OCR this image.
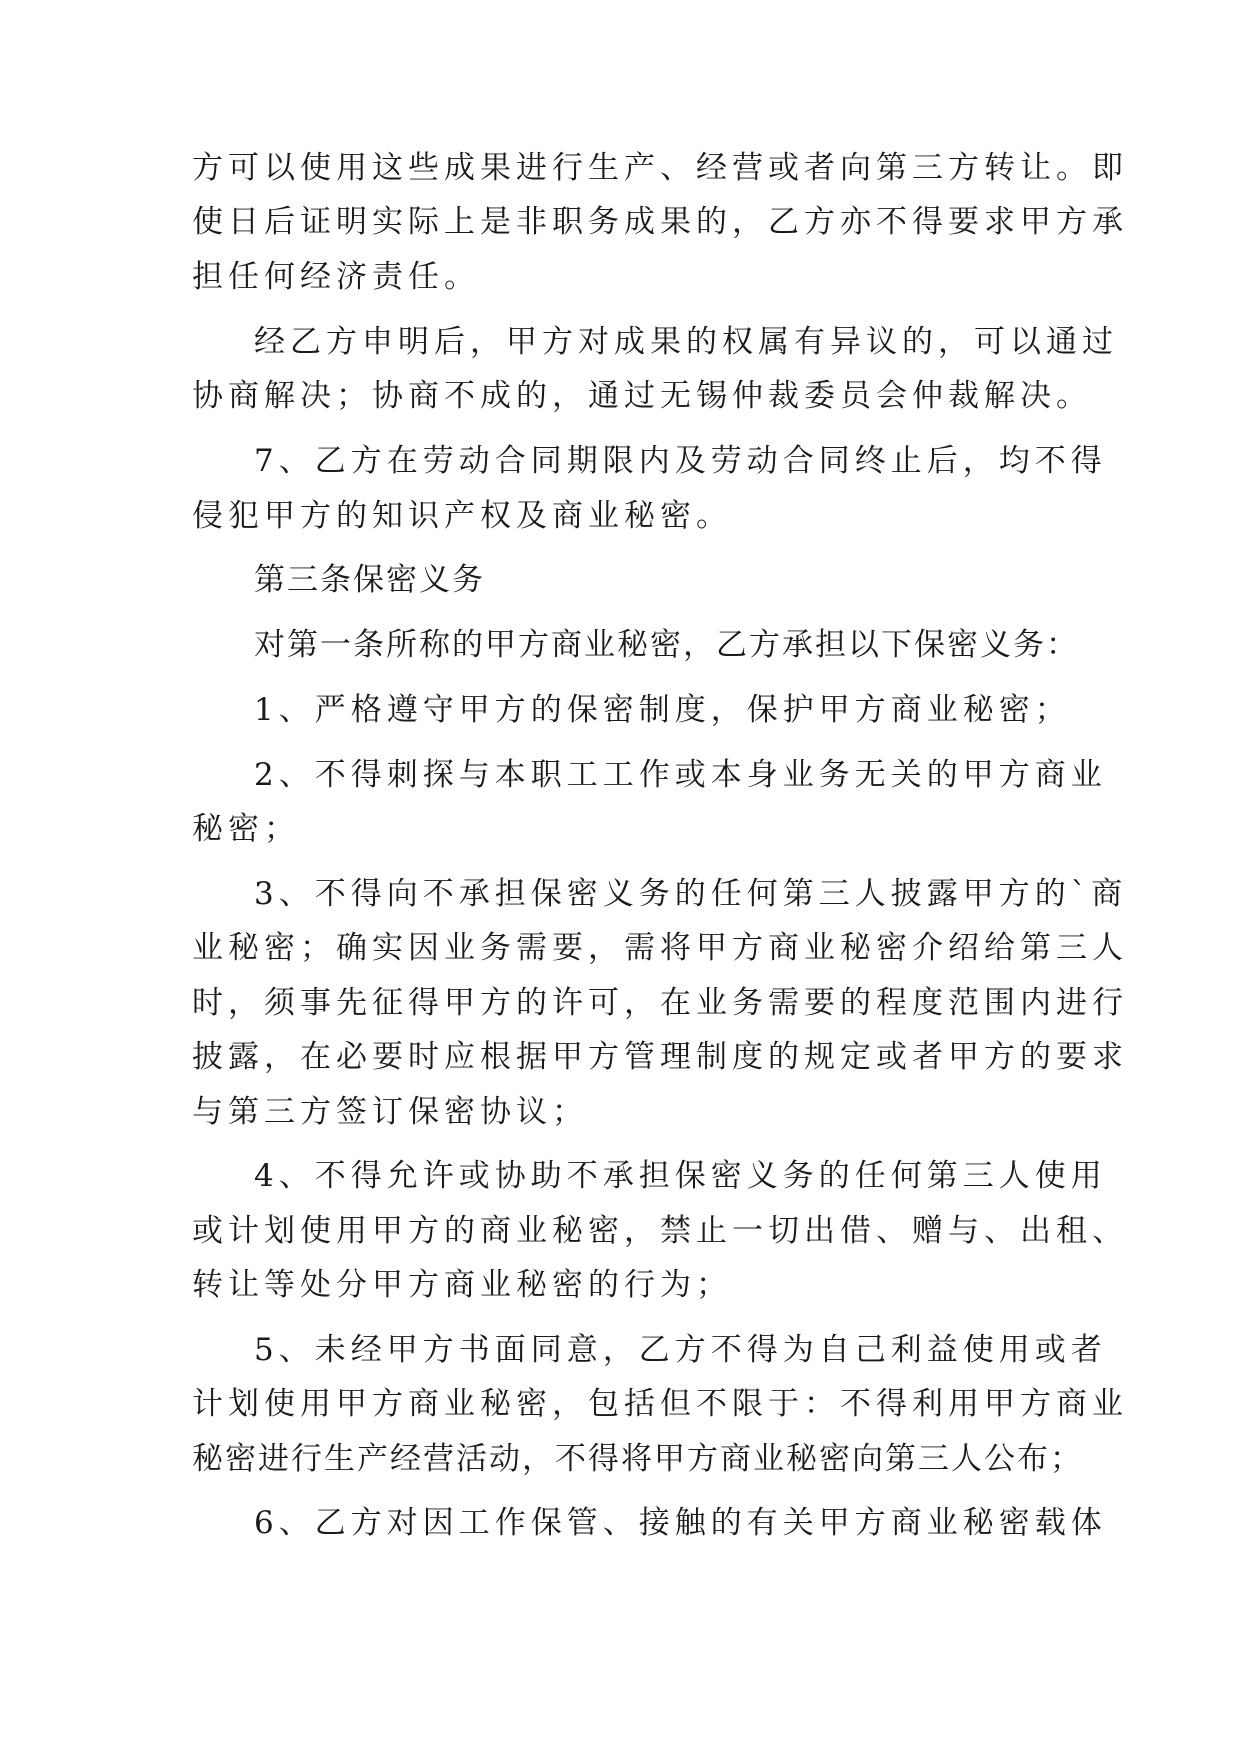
方可以使用这些成果进行生产、经营或者向第三方转让。即

使日后证明实际上是非职务成果的，乙方亦不得要求甲方承

担任何经济责任。

经乙方申明后，甲方对成果的权属有异议的，可以通过

协商解决；协商不成的，通过无锡仲裁委员会仲裁解决。

7、乙方在劳动合同期限内及劳动合同终止后，均不得

侵犯甲方的知识产权及商业秘密。

第三条保密义务

对第一条所称的甲方商业秘密，乙方承担以下保密义务：

1、严格遵守甲方的保密制度，保护甲方商业秘密；

2、不得刺探与本职工工作或本身业务无关的甲方商业

秘密；

3、不得向不承担保密义务的任何第三人披露甲方的`商

业秘密；确实因业务需要，需将甲方商业秘密介绍给第三人

时，须事先征得甲方的许可，在业务需要的程度范围内进行

披露，在必要时应根据甲方管理制度的规定或者甲方的要求

与第三方签订保密协议；

4、不得允许或协助不承担保密义务的任何第三人使用

或计划使用甲方的商业秘密，禁止一切出借、赠与、出租、

转让等处分甲方商业秘密的行为；

5、未经甲方书面同意，乙方不得为自己利益使用或者

计划使用甲方商业秘密，包括但不限于：不得利用甲方商业

秘密进行生产经营活动，不得将甲方商业秘密向第三人公布；

6、乙方对因工作保管、接触的有关甲方商业秘密载体
